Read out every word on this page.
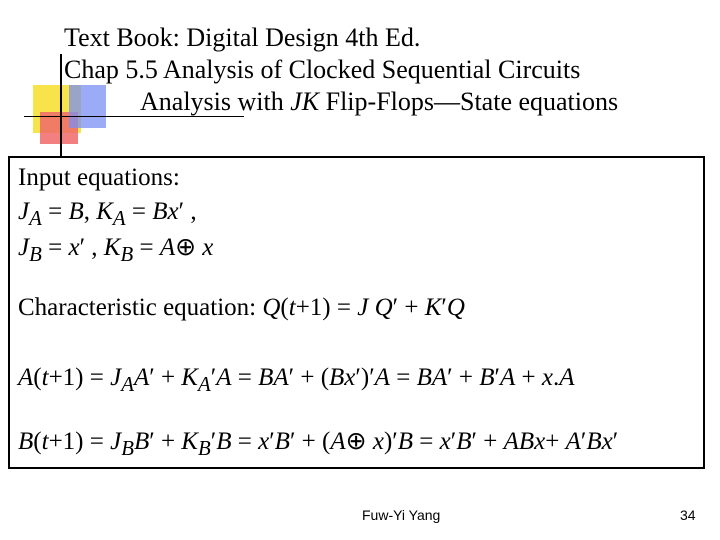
Text Book: Digital Design 4th Ed.
Chap 5.5 Analysis of Clocked Sequential Circuits
Analysis with JK Flip-Flops—State equations
Input equations:
$J_A = B$, $K_A = Bx'$ ,
$J_B = x'$ , $K_B$ = A⊕ x
Characteristic equation: Q(t+1) = J Q′ + K′Q
$A(t+1) = J_AA' + K_A'A = BA' + (Bx')'A = BA' + B'A + x.A$
$B(t+1) = J_BB' + K_B'B = x'B'$ + (A⊕ x)′B = x′B′ + ABx+ A′Bx′
Fuw-Yi Yang	34
